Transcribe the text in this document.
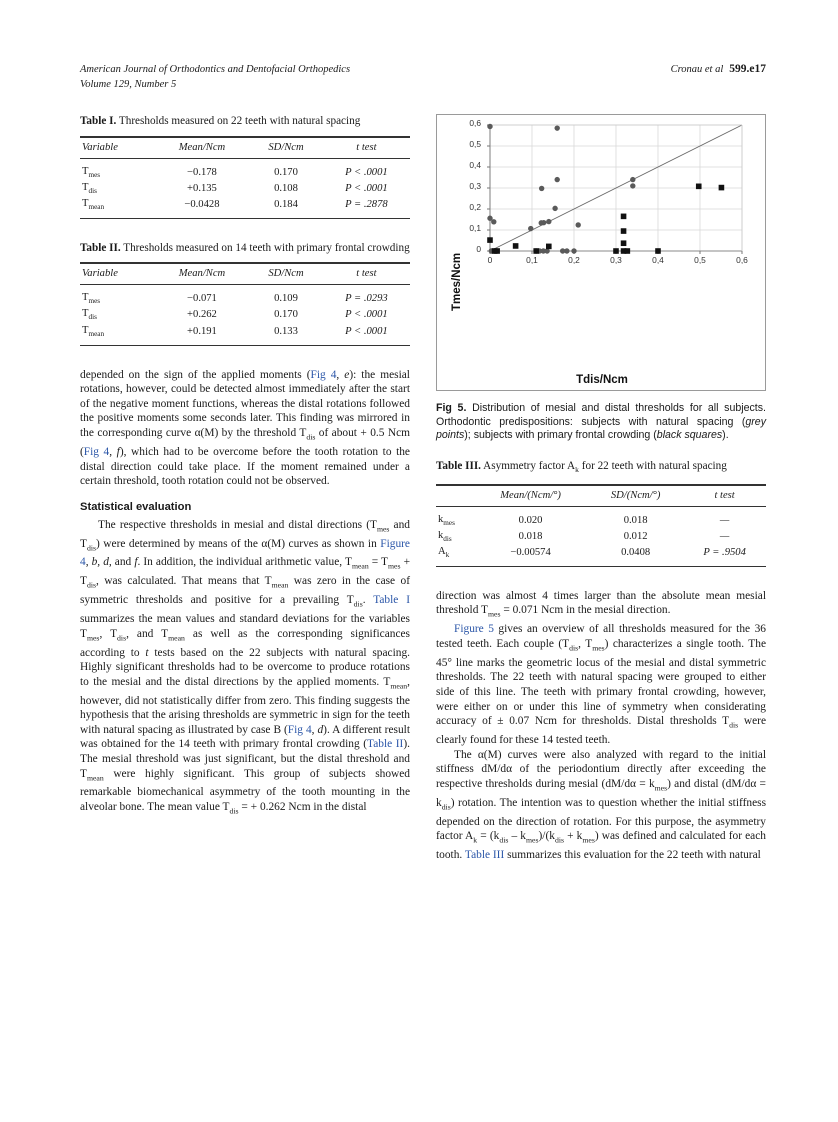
American Journal of Orthodontics and Dentofacial Orthopedics
Volume 129, Number 5
Cronau et al 599.e17
Table I. Thresholds measured on 22 teeth with natural spacing
Variable	Mean/Ncm	SD/Ncm	t test
$T_{mes}$	−0.178	0.170	P < .0001
$T_{dis}$	+0.135	0.108	P < .0001
$T_{mean}$	−0.0428	0.184	P = .2878
Table II. Thresholds measured on 14 teeth with primary frontal crowding
Variable	Mean/Ncm	SD/Ncm	t test
$T_{mes}$	−0.071	0.109	P = .0293
$T_{dis}$	+0.262	0.170	P < .0001
$T_{mean}$	+0.191	0.133	P < .0001

depended on the sign of the applied moments (Fig 4, e): the mesial rotations, however, could be detected almost immediately after the start of the negative moment functions, whereas the distal rotations followed the positive moments some seconds later. This finding was mirrored in the corresponding curve α(M) by the threshold $T_{dis}$ of about + 0.5 Ncm (Fig 4, f), which had to be overcome before the tooth rotation to the distal direction could take place. If the moment remained under a certain threshold, tooth rotation could not be observed.

Statistical evaluation

The respective thresholds in mesial and distal directions ($T_{mes}$ and $T_{dis}$) were determined by means of the α(M) curves as shown in Figure 4, b, d, and f. In addition, the individual arithmetic value, $T_{mean} = T_{mes} + T_{dis}$, was calculated. That means that $T_{mean}$ was zero in the case of symmetric thresholds and positive for a prevailing $T_{dis}$. Table I summarizes the mean values and standard deviations for the variables $T_{mes}$, $T_{dis}$, and $T_{mean}$ as well as the corresponding significances according to t tests based on the 22 subjects with natural spacing. Highly significant thresholds had to be overcome to produce rotations to the mesial and the distal directions by the applied moments. $T_{mean}$, however, did not statistically differ from zero. This finding suggests the hypothesis that the arising thresholds are symmetric in sign for the teeth with natural spacing as illustrated by case B (Fig 4, d). A different result was obtained for the 14 teeth with primary frontal crowding (Table II). The mesial threshold was just significant, but the distal threshold and $T_{mean}$ were highly significant. This group of subjects showed remarkable biomechanical asymmetry of the tooth mounting in the alveolar bone. The mean value $T_{dis}$ = + 0.262 Ncm in the distal

Tmes/Ncm
Tdis/Ncm
0
0,1
0,2
0,3
0,4
0,5
0,6
0	0,1	0,2	0,3	0,4	0,5	0,6
Fig 5. Distribution of mesial and distal thresholds for all subjects. Orthodontic predispositions: subjects with natural spacing (grey points); subjects with primary frontal crowding (black squares).
Table III. Asymmetry factor $A_k$ for 22 teeth with natural spacing
	Mean/(Ncm/°)	SD/(Ncm/°)	t test
$k_{mes}$	0.020	0.018	—
$k_{dis}$	0.018	0.012	—
$A_k$	−0.00574	0.0408	P = .9504

direction was almost 4 times larger than the absolute mean mesial threshold $T_{mes} = 0.071$ Ncm in the mesial direction.

Figure 5 gives an overview of all thresholds measured for the 36 tested teeth. Each couple ($T_{dis}$, $T_{mes}$) characterizes a single tooth. The 45° line marks the geometric locus of the mesial and distal symmetric thresholds. The 22 teeth with natural spacing were grouped to either side of this line. The teeth with primary frontal crowding, however, were either on or under this line of symmetry when considerating accuracy of ± 0.07 Ncm for thresholds. Distal thresholds $T_{dis}$ were clearly found for these 14 tested teeth.

The α(M) curves were also analyzed with regard to the initial stiffness dM/dα of the periodontium directly after exceeding the respective thresholds during mesial $(dM/d\alpha = k_{mes})$ and distal $(dM/d\alpha = k_{dis})$ rotation. The intention was to question whether the initial stiffness depended on the direction of rotation. For this purpose, the asymmetry factor $A_k = (k_{dis} - k_{mes})/(k_{dis} + k_{mes})$ was defined and calculated for each tooth. Table III summarizes this evaluation for the 22 teeth with natural
